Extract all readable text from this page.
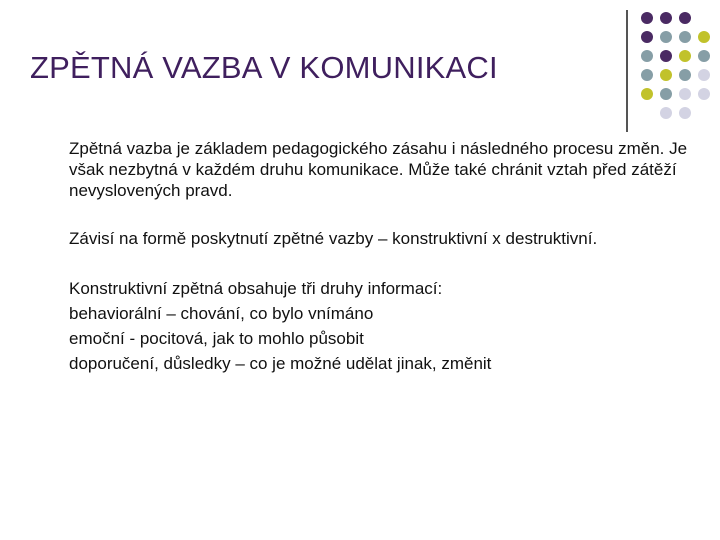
ZPĚTNÁ VAZBA V KOMUNIKACI

Zpětná vazba je základem pedagogického zásahu i následného procesu změn. Je však nezbytná v každém druhu komunikace. Může také chránit vztah před zátěží nevyslovených pravd.

Závisí na formě poskytnutí zpětné vazby – konstruktivní x destruktivní.

Konstruktivní zpětná obsahuje tři druhy informací:

behaviorální – chování, co bylo vnímáno

emoční - pocitová, jak to mohlo působit

doporučení, důsledky – co je možné udělat jinak, změnit
